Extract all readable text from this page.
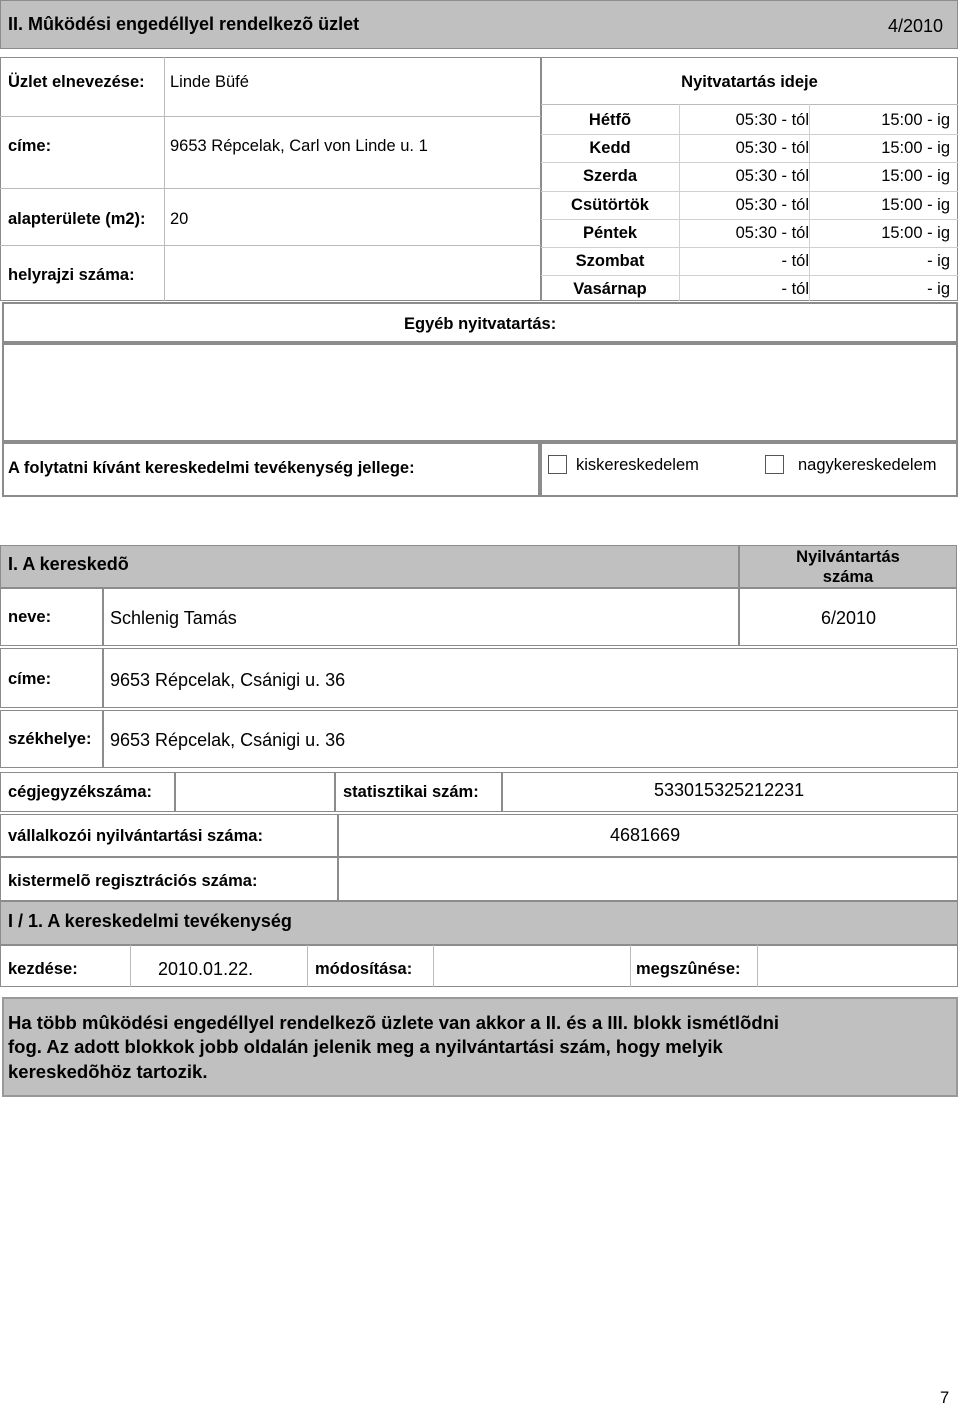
II. Mûködési engedéllyel rendelkezõ üzlet	4/2010
Üzlet elnevezése: Linde Büfé
címe:	9653 Répcelak, Carl von Linde u. 1
alapterülete (m2): 20
helyrajzi száma:
Nyitvatartás ideje
Hétfõ	05:30 - tól	15:00 - ig
Kedd	05:30 - tól	15:00 - ig
Szerda	05:30 - tól	15:00 - ig
Csütörtök	05:30 - tól	15:00 - ig
Péntek	05:30 - tól	15:00 - ig
Szombat	- tól	- ig
Vasárnap	- tól	- ig
Egyéb nyitvatartás:
A folytatni kívánt kereskedelmi tevékenység jellege:	kiskereskedelem	nagykereskedelem
I. A kereskedõ	Nyilvántartás
száma
neve:	Schlenig Tamás	6/2010
címe:	9653 Répcelak, Csánigi u. 36
székhelye: 9653 Répcelak, Csánigi u. 36
cégjegyzékszáma:	statisztikai szám:	533015325212231
vállalkozói nyilvántartási száma:	4681669
kistermelõ regisztrációs száma:
I / 1. A kereskedelmi tevékenység
kezdése:	2010.01.22.	módosítása:	megszûnése:
Ha több mûködési engedéllyel rendelkezõ üzlete van akkor a II. és a III. blokk ismétlõdni
fog. Az adott blokkok jobb oldalán jelenik meg a nyilvántartási szám, hogy melyik
kereskedõhöz tartozik.
7
